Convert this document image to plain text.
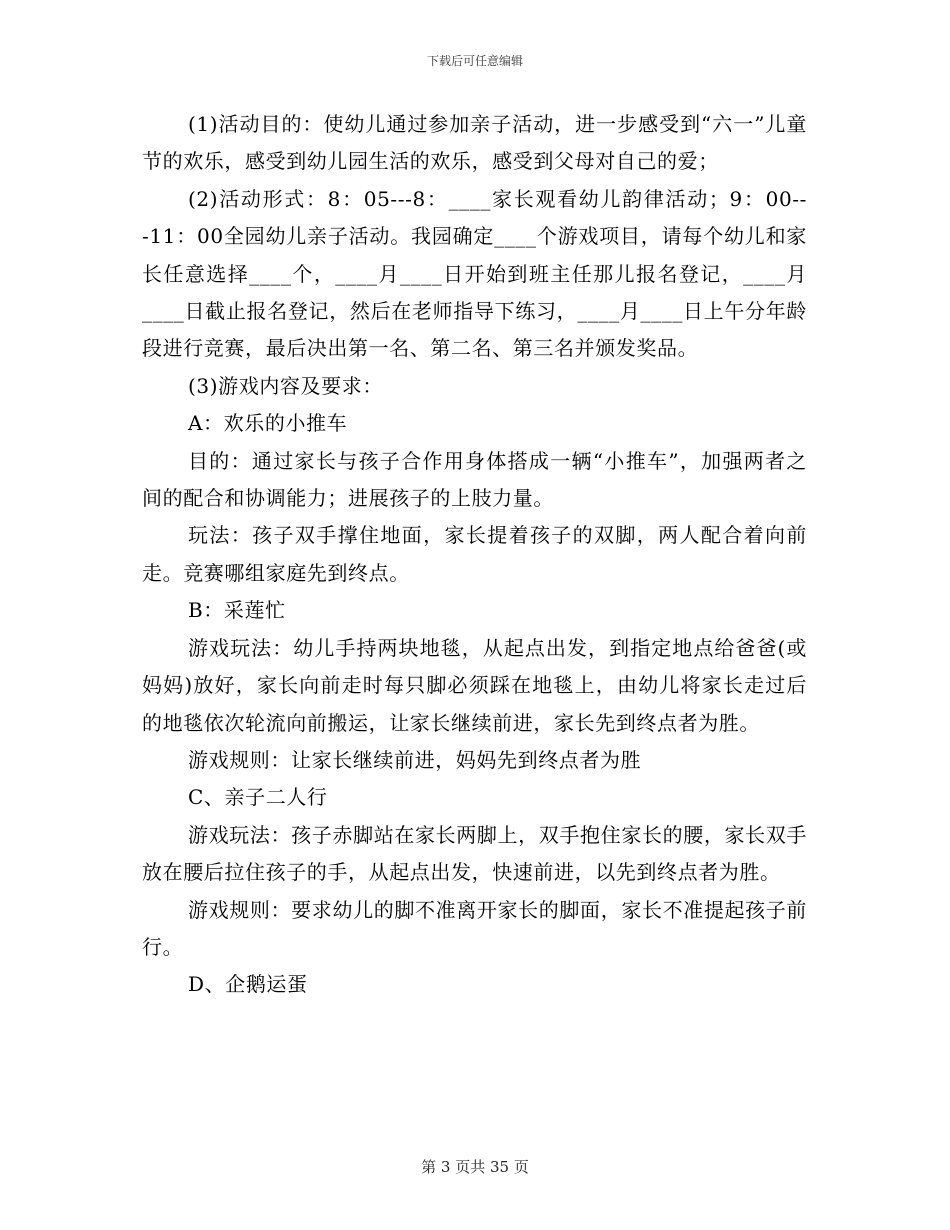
下载后可任意编辑

(1)活动目的：使幼儿通过参加亲子活动，进一步感受到“六一”儿童节的欢乐，感受到幼儿园生活的欢乐，感受到父母对自己的爱；

(2)活动形式：8：05---8：____家长观看幼儿韵律活动；9：00---11：00全园幼儿亲子活动。我园确定____个游戏项目，请每个幼儿和家长任意选择____个，____月____日开始到班主任那儿报名登记，____月____日截止报名登记，然后在老师指导下练习，____月____日上午分年龄段进行竞赛，最后决出第一名、第二名、第三名并颁发奖品。

(3)游戏内容及要求：

A：欢乐的小推车

目的：通过家长与孩子合作用身体搭成一辆“小推车”，加强两者之间的配合和协调能力；进展孩子的上肢力量。

玩法：孩子双手撑住地面，家长提着孩子的双脚，两人配合着向前走。竞赛哪组家庭先到终点。

B：采莲忙

游戏玩法：幼儿手持两块地毯，从起点出发，到指定地点给爸爸(或妈妈)放好，家长向前走时每只脚必须踩在地毯上，由幼儿将家长走过后的地毯依次轮流向前搬运，让家长继续前进，家长先到终点者为胜。

游戏规则：让家长继续前进，妈妈先到终点者为胜

C、亲子二人行

游戏玩法：孩子赤脚站在家长两脚上，双手抱住家长的腰，家长双手放在腰后拉住孩子的手，从起点出发，快速前进，以先到终点者为胜。

游戏规则：要求幼儿的脚不准离开家长的脚面，家长不准提起孩子前行。

D、企鹅运蛋

第 3 页共 35 页
